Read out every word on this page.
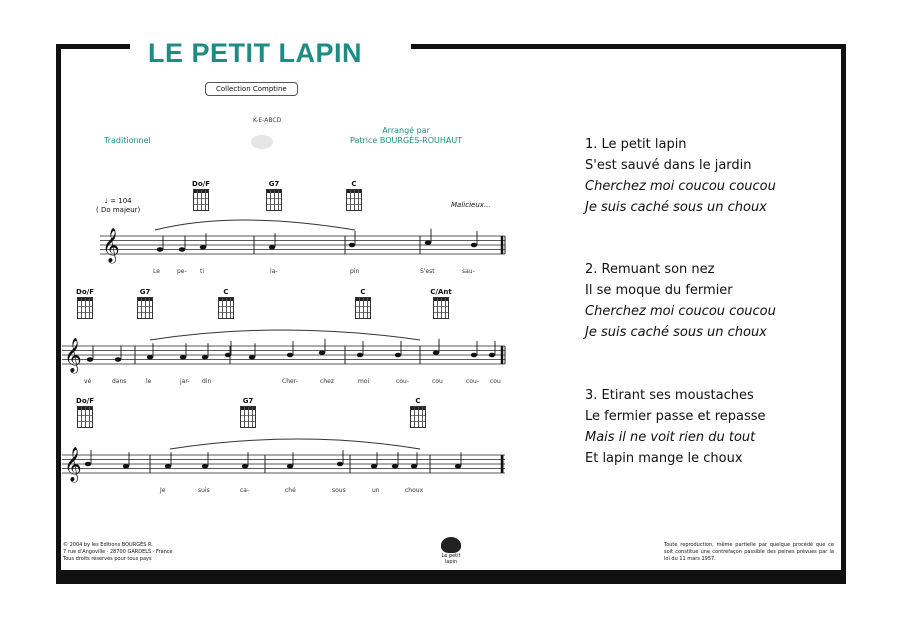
LE PETIT LAPIN
Collection Comptine
K-E-ABCD
Traditionnel
Arrangé par
Patrice BOURGÈS-ROUHAUT
♩ = 104
( Do majeur)
Malicieux...
Do/F	G7	C
Do/F	G7	C	C	C/Ant
Do/F	G7	C
𝄞
𝄞
𝄞
Le	pe- ti	la-	pin	S'est	sau-
vé	dans	le	jar- din	Cher-	chez	moi	cou-	cou	cou- cou
Je	suis	ca-	ché	sous	un	choux
1. Le petit lapin
S'est sauvé dans le jardin
Cherchez moi coucou coucou
Je suis caché sous un choux
2. Remuant son nez
Il se moque du fermier
Cherchez moi coucou coucou
Je suis caché sous un choux
3. Etirant ses moustaches
Le fermier passe et repasse
Mais il ne voit rien du tout
Et lapin mange le choux
© 2004 by les Editions BOURGÈS R.
7 rue d'Angoville · 28700 GARDELS · France
Tous droits réservés pour tous pays	Le petit lapin
Toute reproduction, même partielle par quelque procédé que ce soit constitue une contrefaçon passible des peines prévues par la loi du 11 mars 1957.
